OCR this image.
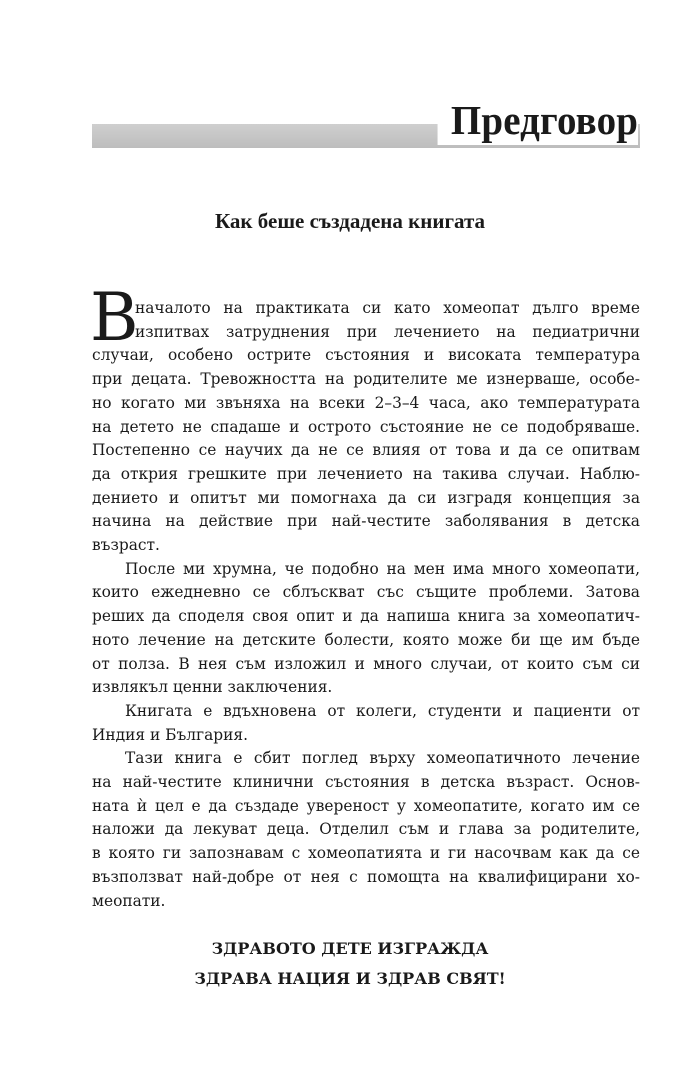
Предговор
Как беше създадена книгата
В
началото на практиката си като хомеопат дълго време
изпитвах затруднения при лечението на педиатрични
случаи, особено острите състояния и високата температура
при децата. Тревожността на родителите ме изнерваше, особе-
но когато ми звъняха на всеки 2–3–4 часа, ако температурата
на детето не спадаше и острото състояние не се подобряваше.
Постепенно се научих да не се влияя от това и да се опитвам
да открия грешките при лечението на такива случаи. Наблю-
дението и опитът ми помогнаха да си изградя концепция за
начина на действие при най-честите заболявания в детска
възраст.
После ми хрумна, че подобно на мен има много хомеопати,
които ежедневно се сблъскват със същите проблеми. Затова
реших да споделя своя опит и да напиша книга за хомеопатич-
ното лечение на детските болести, която може би ще им бъде
от полза. В нея съм изложил и много случаи, от които съм си
извлякъл ценни заключения.
Книгата е вдъхновена от колеги, студенти и пациенти от
Индия и България.
Тази книга е сбит поглед върху хомеопатичното лечение
на най-честите клинични състояния в детска възраст. Основ-
ната ѝ цел е да създаде увереност у хомеопатите, когато им се
наложи да лекуват деца. Отделил съм и глава за родителите,
в която ги запознавам с хомеопатията и ги насочвам как да се
възползват най-добре от нея с помощта на квалифицирани хо-
меопати.
ЗДРАВОТО ДЕТЕ ИЗГРАЖДА
ЗДРАВА НАЦИЯ И ЗДРАВ СВЯТ!
